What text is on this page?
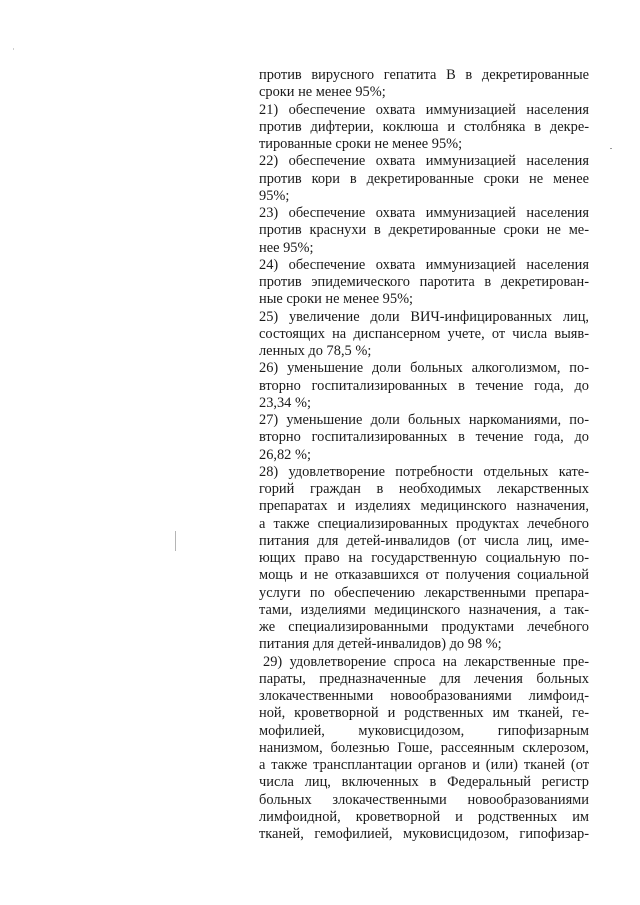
против вирусного гепатита В в декретированные
сроки не менее 95%;
21) обеспечение охвата иммунизацией населения
против дифтерии, коклюша и столбняка в декре-
тированные сроки не менее 95%;
22) обеспечение охвата иммунизацией населения
против кори в декретированные сроки не менее
95%;
23) обеспечение охвата иммунизацией населения
против краснухи в декретированные сроки не ме-
нее 95%;
24) обеспечение охвата иммунизацией населения
против эпидемического паротита в декретирован-
ные сроки не менее 95%;
25) увеличение доли ВИЧ-инфицированных лиц,
состоящих на диспансерном учете, от числа выяв-
ленных до 78,5 %;
26) уменьшение доли больных алкоголизмом, по-
вторно госпитализированных в течение года, до
23,34 %;
27) уменьшение доли больных наркоманиями, по-
вторно госпитализированных в течение года, до
26,82 %;
28) удовлетворение потребности отдельных кате-
горий граждан в необходимых лекарственных
препаратах и изделиях медицинского назначения,
а также специализированных продуктах лечебного
питания для детей-инвалидов (от числа лиц, име-
ющих право на государственную социальную по-
мощь и не отказавшихся от получения социальной
услуги по обеспечению лекарственными препара-
тами, изделиями медицинского назначения, а так-
же специализированными продуктами лечебного
питания для детей-инвалидов) до 98 %;
29) удовлетворение спроса на лекарственные пре-
параты, предназначенные для лечения больных
злокачественными новообразованиями лимфоид-
ной, кроветворной и родственных им тканей, ге-
мофилией, муковисцидозом, гипофизарным
нанизмом, болезнью Гоше, рассеянным склерозом,
а также трансплантации органов и (или) тканей (от
числа лиц, включенных в Федеральный регистр
больных злокачественными новообразованиями
лимфоидной, кроветворной и родственных им
тканей, гемофилией, муковисцидозом, гипофизар-
